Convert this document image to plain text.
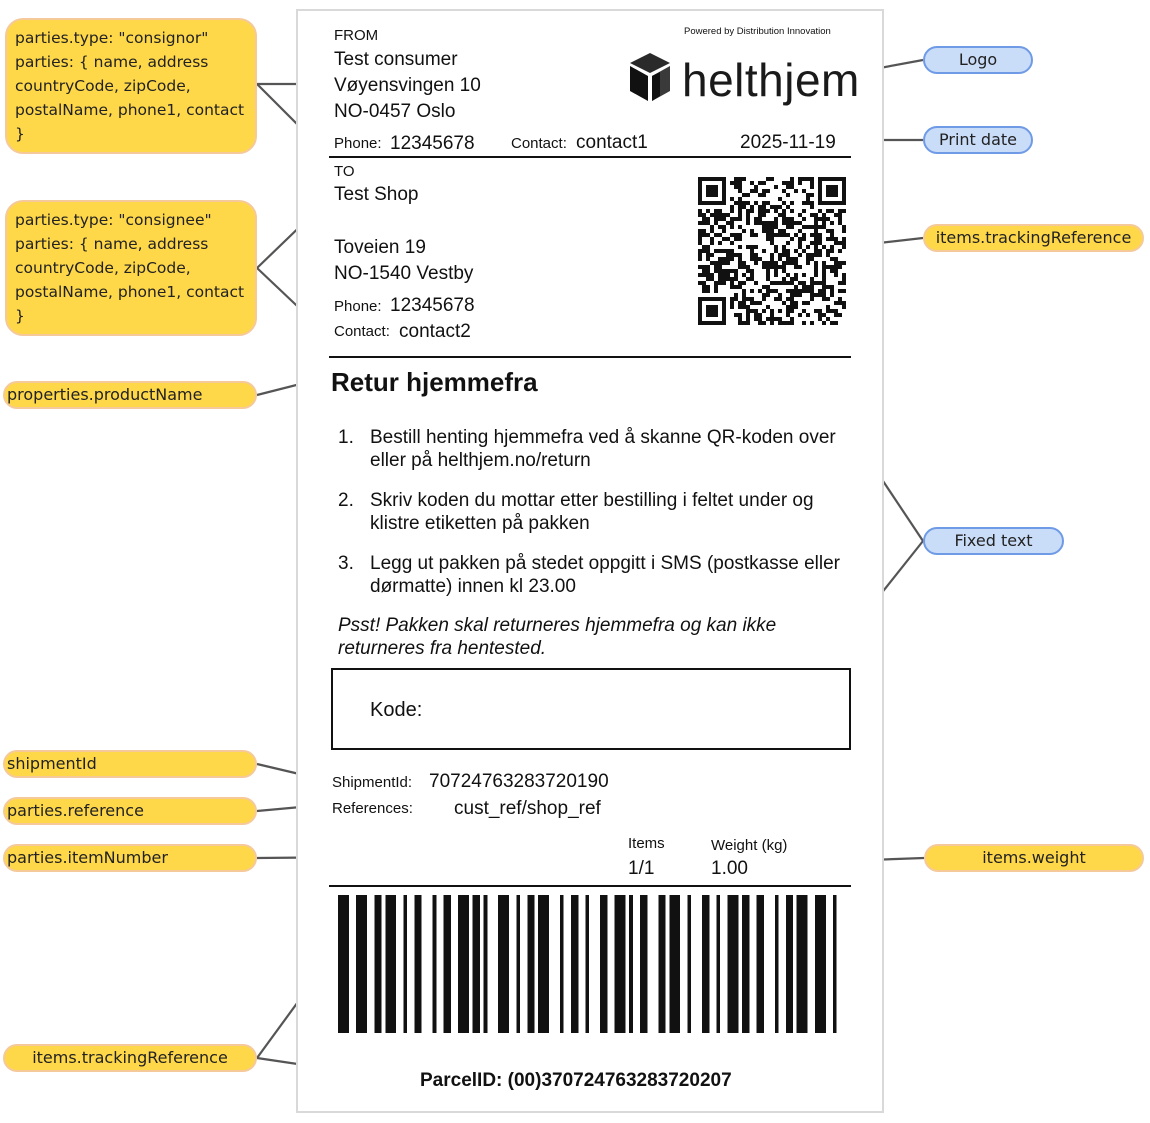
FROM
Test consumer
Vøyensvingen 10
NO-0457 Oslo
Phone: 12345678 Contact: contact1	2025-11-19
Powered by Distribution Innovation
helthjem
TO
Test Shop
Toveien 19
NO-1540 Vestby
Phone: 12345678
Contact: contact2
Retur hjemmefra
1. Bestill henting hjemmefra ved å skanne QR-koden over eller på helthjem.no/return
2. Skriv koden du mottar etter bestilling i feltet under og klistre etiketten på pakken
3. Legg ut pakken på stedet oppgitt i SMS (postkasse eller dørmatte) innen kl 23.00
Psst! Pakken skal returneres hjemmefra og kan ikke returneres fra hentested.
Kode:
ShipmentId: 70724763283720190
References: cust_ref/shop_ref
Items
1/1
Weight (kg)
1.00
ParcelID: (00)370724763283720207
parties.type: "consignor"
parties: { name, address
countryCode, zipCode,
postalName, phone1, contact
}
parties.type: "consignee"
parties: { name, address
countryCode, zipCode,
postalName, phone1, contact
}
properties.productName
shipmentId
parties.reference
parties.itemNumber
items.trackingReference
Logo
Print date
items.trackingReference
Fixed text
items.weight
